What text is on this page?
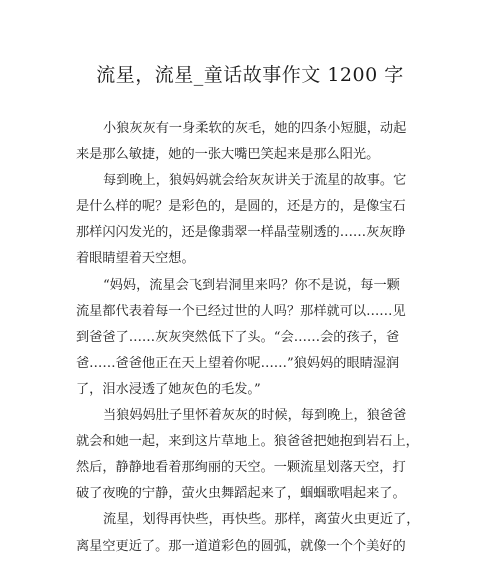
流星，流星_童话故事作文 1200 字
小狼灰灰有一身柔软的灰毛，她的四条小短腿，动起
来是那么敏捷，她的一张大嘴巴笑起来是那么阳光。
每到晚上，狼妈妈就会给灰灰讲关于流星的故事。它
是什么样的呢？是彩色的，是圆的，还是方的，是像宝石
那样闪闪发光的，还是像翡翠一样晶莹剔透的……灰灰睁
着眼睛望着天空想。
“妈妈，流星会飞到岩洞里来吗？你不是说，每一颗
流星都代表着每一个已经过世的人吗？那样就可以……见
到爸爸了……灰灰突然低下了头。“会……会的孩子，爸
爸……爸爸他正在天上望着你呢……”狼妈妈的眼睛湿润
了，泪水浸透了她灰色的毛发。”
当狼妈妈肚子里怀着灰灰的时候，每到晚上，狼爸爸
就会和她一起，来到这片草地上。狼爸爸把她抱到岩石上，
然后，静静地看着那绚丽的天空。一颗流星划落天空，打
破了夜晚的宁静，萤火虫舞蹈起来了，蝈蝈歌唱起来了。
流星，划得再快些，再快些。那样，离萤火虫更近了，
离星空更近了。那一道道彩色的圆弧，就像一个个美好的
